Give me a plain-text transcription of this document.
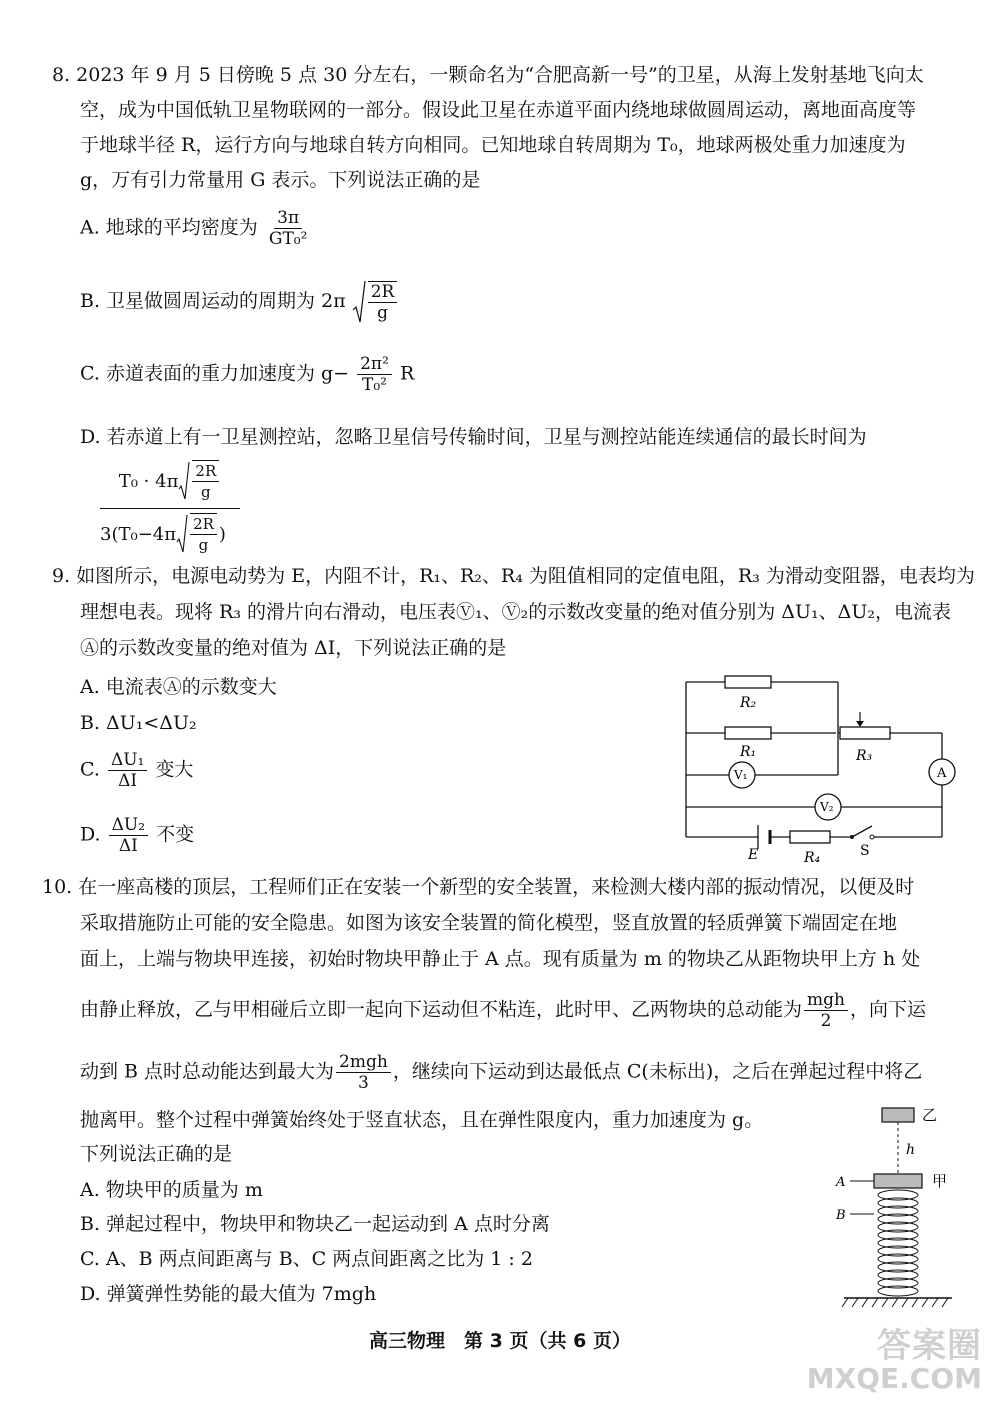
8. 2023 年 9 月 5 日傍晚 5 点 30 分左右，一颗命名为“合肥高新一号”的卫星，从海上发射基地飞向太
空，成为中国低轨卫星物联网的一部分。假设此卫星在赤道平面内绕地球做圆周运动，离地面高度等
于地球半径 R，运行方向与地球自转方向相同。已知地球自转周期为 T₀，地球两极处重力加速度为
g，万有引力常量用 G 表示。下列说法正确的是
A. 地球的平均密度为 $\frac{3\pi}{\text{GT₀²}}$
B. 卫星做圆周运动的周期为 $2\pi \frac{2R}{g}$
C. 赤道表面的重力加速度为 $g- \frac{\text{2π²}}{\text{T₀²}}$ R
D. 若赤道上有一卫星测控站，忽略卫星信号传输时间，卫星与测控站能连续通信的最长时间为
$\frac{T_0 \cdot 4\pi \frac{2R}{g}}{3(T_0-4\pi \frac{2R}{g} )}$
9. 如图所示，电源电动势为 E，内阻不计，R₁、R₂、R₄ 为阻值相同的定值电阻，R₃ 为滑动变阻器，电表均为
理想电表。现将 R₃ 的滑片向右滑动，电压表Ⓥ₁、Ⓥ₂的示数改变量的绝对值分别为 ΔU₁、ΔU₂，电流表
Ⓐ的示数改变量的绝对值为 ΔI，下列说法正确的是
A. 电流表Ⓐ的示数变大
B. ΔU₁<ΔU₂
C. $\frac{\text{ΔU₁}}{\Delta I}$ 变大
D. $\frac{\text{ΔU₂}}{\Delta I}$ 不变
R₂
R₁	R₃
V₁
V₂
A
E	R₄	S
10. 在一座高楼的顶层，工程师们正在安装一个新型的安全装置，来检测大楼内部的振动情况，以便及时
采取措施防止可能的安全隐患。如图为该安全装置的简化模型，竖直放置的轻质弹簧下端固定在地
面上，上端与物块甲连接，初始时物块甲静止于 A 点。现有质量为 m 的物块乙从距物块甲上方 h 处
由静止释放，乙与甲相碰后立即一起向下运动但不粘连，此时甲、乙两物块的总动能为 $\frac{\text{mgh}}{2}$ ，向下运
动到 B 点时总动能达到最大为 $\frac{\text{2mgh}}{3}$ ，继续向下运动到达最低点 C(未标出)，之后在弹起过程中将乙
抛离甲。整个过程中弹簧始终处于竖直状态，且在弹性限度内，重力加速度为 g。
下列说法正确的是
A. 物块甲的质量为 m
B. 弹起过程中，物块甲和物块乙一起运动到 A 点时分离
C. A、B 两点间距离与 B、C 两点间距离之比为 1 : 2
D. 弹簧弹性势能的最大值为 7mgh
乙
h
A	甲
B
高三物理　第 3 页（共 6 页）	答案圈
MXQE.COM
